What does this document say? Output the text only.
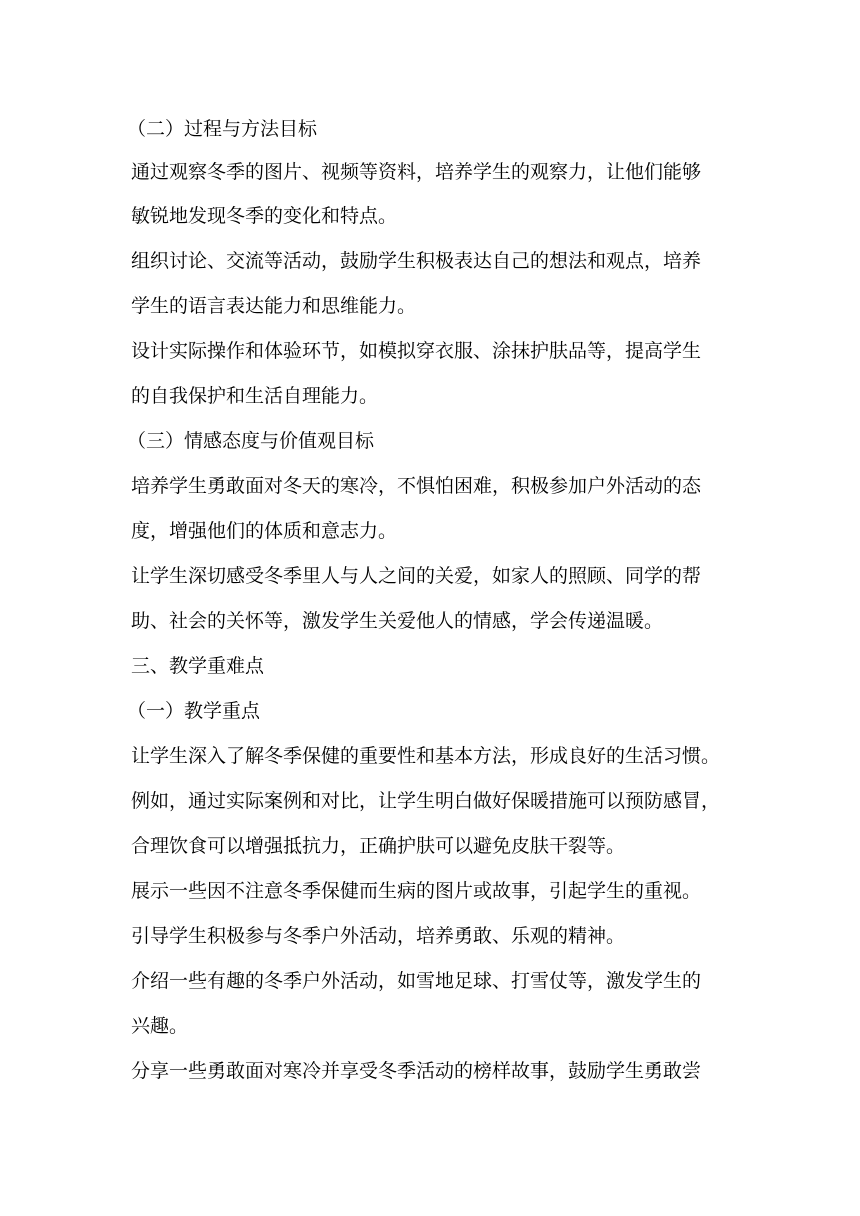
（二）过程与方法目标
通过观察冬季的图片、视频等资料，培养学生的观察力，让他们能够
敏锐地发现冬季的变化和特点。
组织讨论、交流等活动，鼓励学生积极表达自己的想法和观点，培养
学生的语言表达能力和思维能力。
设计实际操作和体验环节，如模拟穿衣服、涂抹护肤品等，提高学生
的自我保护和生活自理能力。
（三）情感态度与价值观目标
培养学生勇敢面对冬天的寒冷，不惧怕困难，积极参加户外活动的态
度，增强他们的体质和意志力。
让学生深切感受冬季里人与人之间的关爱，如家人的照顾、同学的帮
助、社会的关怀等，激发学生关爱他人的情感，学会传递温暖。
三、教学重难点
（一）教学重点
让学生深入了解冬季保健的重要性和基本方法，形成良好的生活习惯。
例如，通过实际案例和对比，让学生明白做好保暖措施可以预防感冒，
合理饮食可以增强抵抗力，正确护肤可以避免皮肤干裂等。
展示一些因不注意冬季保健而生病的图片或故事，引起学生的重视。
引导学生积极参与冬季户外活动，培养勇敢、乐观的精神。
介绍一些有趣的冬季户外活动，如雪地足球、打雪仗等，激发学生的
兴趣。
分享一些勇敢面对寒冷并享受冬季活动的榜样故事，鼓励学生勇敢尝
